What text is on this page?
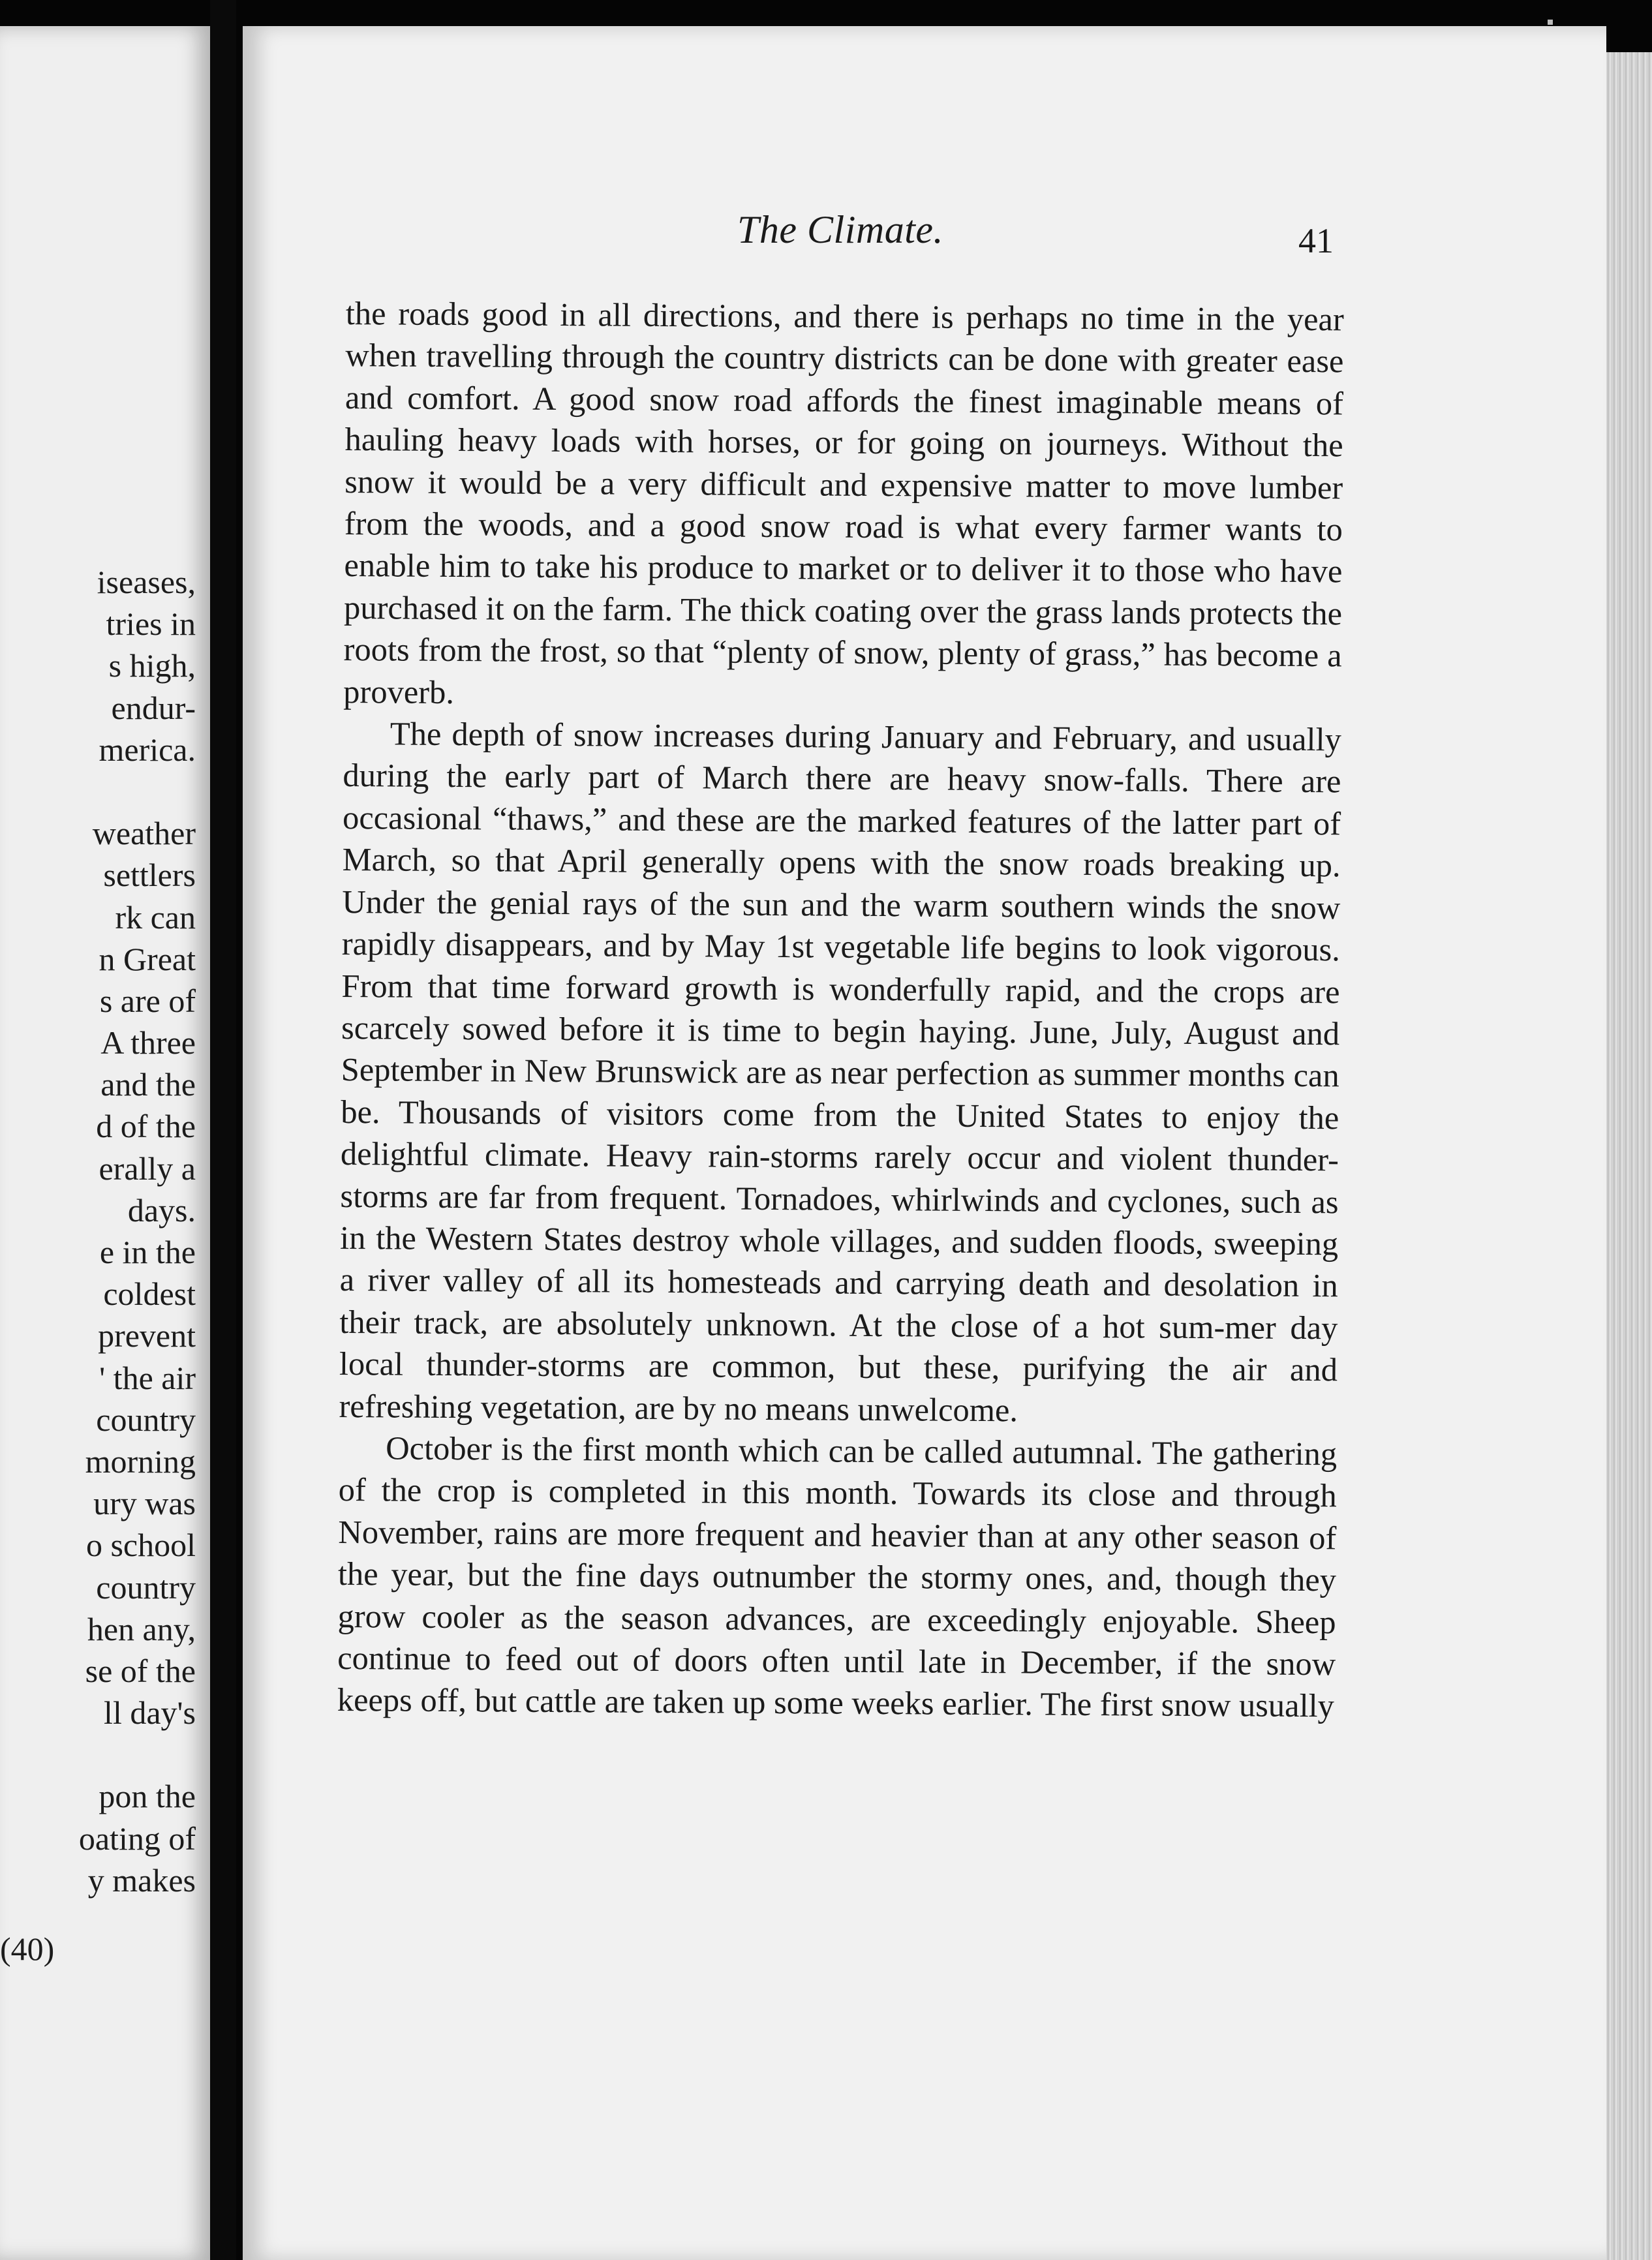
iseases,
tries in
s high,
endur-
merica.
weather
settlers
rk can
n Great
s are of
A three
and the
d of the
erally a
days.
e in the
coldest
prevent
' the air
country
morning
ury was
o school
country
hen any,
se of the
ll day's
pon the
oating of
y makes
(40)
The Climate.	41

the roads good in all directions, and there is perhaps no time in the year when travelling through the country districts can be done with greater ease and comfort. A good snow road affords the finest imaginable means of hauling heavy loads with horses, or for going on journeys. Without the snow it would be a very difficult and expensive matter to move lumber from the woods, and a good snow road is what every farmer wants to enable him to take his produce to market or to deliver it to those who have purchased it on the farm. The thick coating over the grass lands protects the roots from the frost, so that “plenty of snow, plenty of grass,” has become a proverb.

The depth of snow increases during January and February, and usually during the early part of March there are heavy snow-falls. There are occasional “thaws,” and these are the marked features of the latter part of March, so that April generally opens with the snow roads breaking up. Under the genial rays of the sun and the warm southern winds the snow rapidly disappears, and by May 1st vegetable life begins to look vigorous. From that time forward growth is wonderfully rapid, and the crops are scarcely sowed before it is time to begin haying. June, July, August and September in New Brunswick are as near perfection as summer months can be. Thousands of visitors come from the United States to enjoy the delightful climate. Heavy rain-storms rarely occur and violent thunder-storms are far from frequent. Tornadoes, whirlwinds and cyclones, such as in the Western States destroy whole villages, and sudden floods, sweeping a river valley of all its homesteads and carrying death and desolation in their track, are absolutely unknown. At the close of a hot sum-mer day local thunder-storms are common, but these, purifying the air and refreshing vegetation, are by no means unwelcome.

October is the first month which can be called autumnal. The gathering of the crop is completed in this month. Towards its close and through November, rains are more frequent and heavier than at any other season of the year, but the fine days outnumber the stormy ones, and, though they grow cooler as the season advances, are exceedingly enjoyable. Sheep continue to feed out of doors often until late in December, if the snow keeps off, but cattle are taken up some weeks earlier. The first snow usually
